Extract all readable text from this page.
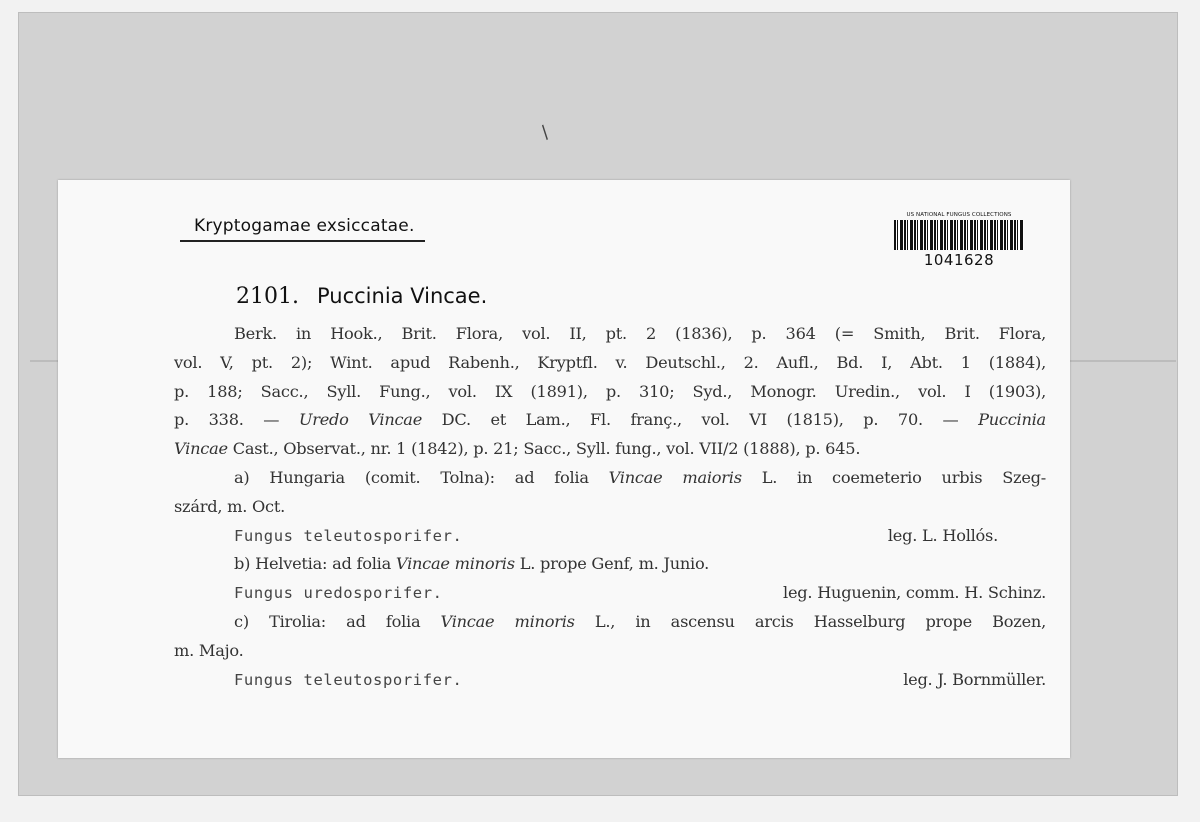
/
Kryptogamae exsiccatae.
US NATIONAL FUNGUS COLLECTIONS
1041628
2101. Puccinia Vincae.
Berk. in Hook., Brit. Flora, vol. II, pt. 2 (1836), p. 364 (= Smith, Brit. Flora,
vol. V, pt. 2); Wint. apud Rabenh., Kryptfl. v. Deutschl., 2. Aufl., Bd. I, Abt. 1 (1884),
p. 188; Sacc., Syll. Fung., vol. IX (1891), p. 310; Syd., Monogr. Uredin., vol. I (1903),
p. 338. — Uredo Vincae DC. et Lam., Fl. franç., vol. VI (1815), p. 70. — Puccinia
Vincae Cast., Observat., nr. 1 (1842), p. 21; Sacc., Syll. fung., vol. VII/2 (1888), p. 645.
a) Hungaria (comit. Tolna): ad folia Vincae maioris L. in coemeterio urbis Szeg-
szárd, m. Oct.
Fungus teleutosporifer.	leg. L. Hollós.
b) Helvetia: ad folia Vincae minoris L. prope Genf, m. Junio.
Fungus uredosporifer.	leg. Huguenin, comm. H. Schinz.
c) Tirolia: ad folia Vincae minoris L., in ascensu arcis Hasselburg prope Bozen,
m. Majo.
Fungus teleutosporifer.	leg. J. Bornmüller.
